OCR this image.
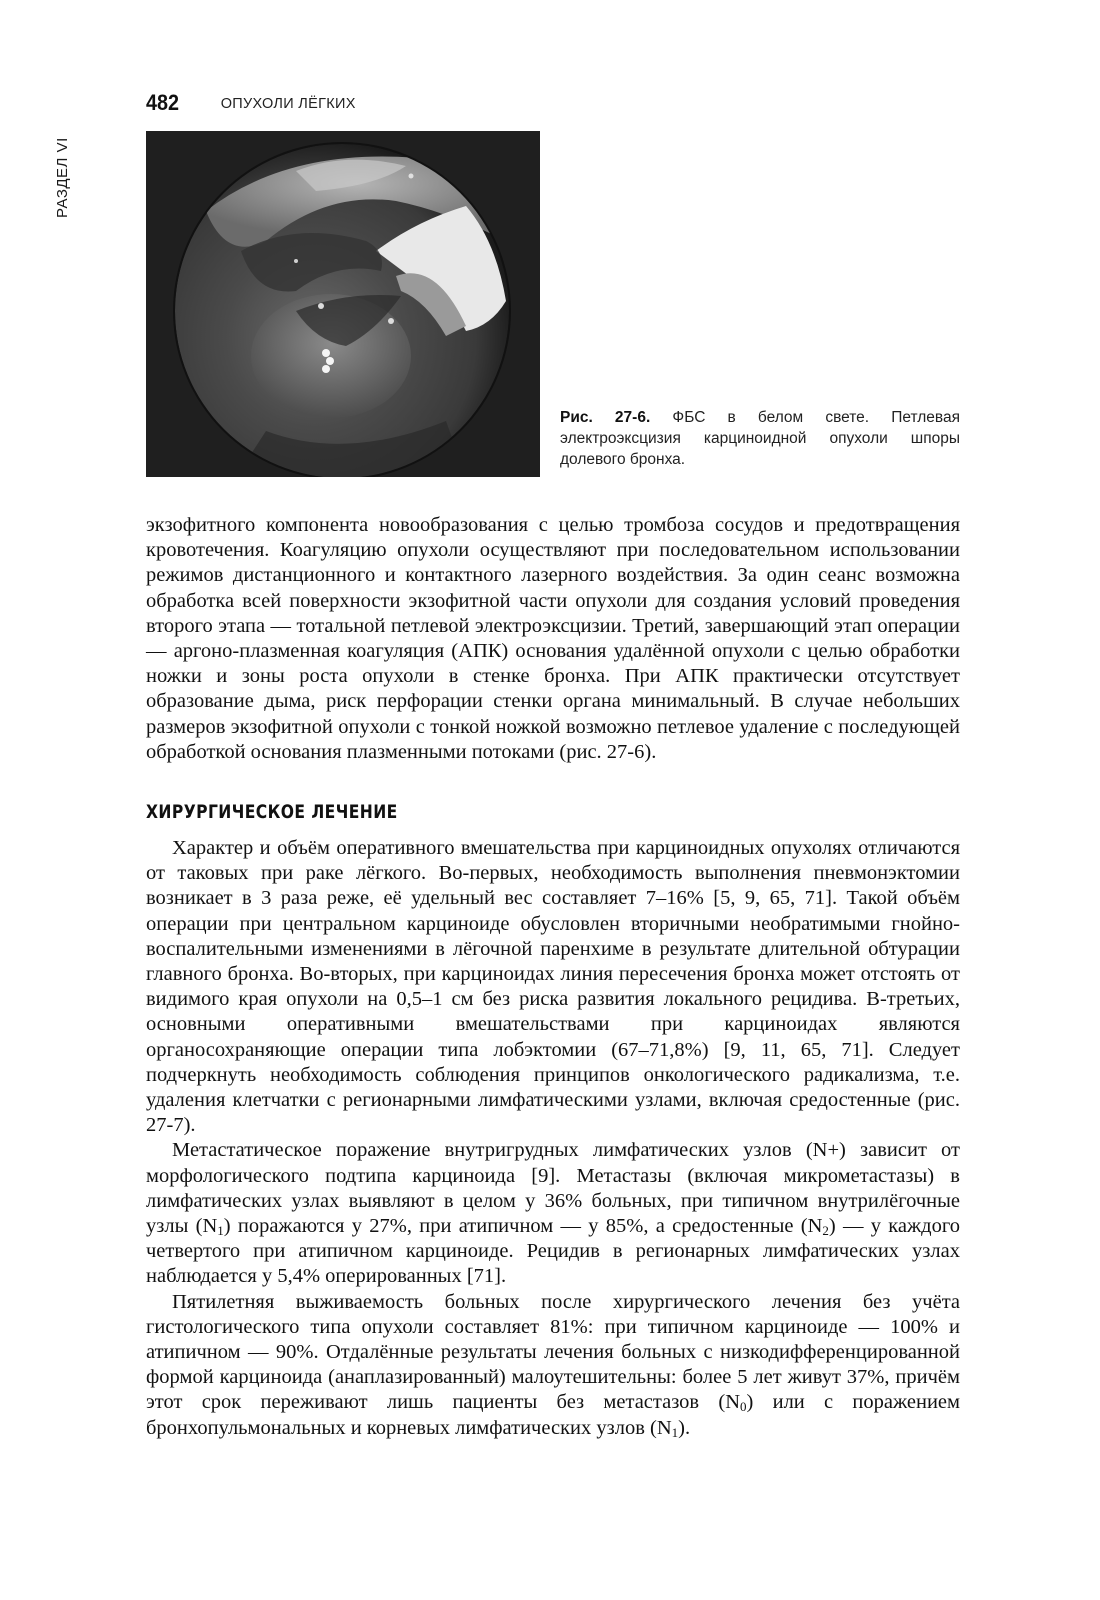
РАЗДЕЛ VI
482	ОПУХОЛИ ЛЁГКИХ
Рис. 27-6. ФБС в белом свете. Петлевая электроэксцизия карциноидной опухоли шпоры долевого бронха.

экзофитного компонента новообразования с целью тромбоза сосудов и предотвращения кровотечения. Коагуляцию опухоли осуществляют при последовательном использовании режимов дистанционного и контактного лазерного воздействия. За один сеанс возможна обработка всей поверхности экзофитной части опухоли для создания условий проведения второго этапа — тотальной петлевой электроэксцизии. Третий, завершающий этап операции — аргоно-плазменная коагуляция (АПК) основания удалённой опухоли с целью обработки ножки и зоны роста опухоли в стенке бронха. При АПК практически отсутствует образование дыма, риск перфорации стенки органа минимальный. В случае небольших размеров экзофитной опухоли с тонкой ножкой возможно петлевое удаление с последующей обработкой основания плазменными потоками (рис. 27-6).

ХИРУРГИЧЕСКОЕ ЛЕЧЕНИЕ

Характер и объём оперативного вмешательства при карциноидных опухолях отличаются от таковых при раке лёгкого. Во-первых, необходимость выполнения пневмонэктомии возникает в 3 раза реже, её удельный вес составляет 7–16% [5, 9, 65, 71]. Такой объём операции при центральном карциноиде обусловлен вторичными необратимыми гнойно-воспалительными изменениями в лёгочной паренхиме в результате длительной обтурации главного бронха. Во-вторых, при карциноидах линия пересечения бронха может отстоять от видимого края опухоли на 0,5–1 см без риска развития локального рецидива. В-третьих, основными оперативными вмешательствами при карциноидах являются органосохраняющие операции типа лобэктомии (67–71,8%) [9, 11, 65, 71]. Следует подчеркнуть необходимость соблюдения принципов онкологического радикализма, т.е. удаления клетчатки с регионарными лимфатическими узлами, включая средостенные (рис. 27-7).

Метастатическое поражение внутригрудных лимфатических узлов (N+) зависит от морфологического подтипа карциноида [9]. Метастазы (включая микрометастазы) в лимфатических узлах выявляют в целом у 36% больных, при типичном внутрилёгочные узлы $(N_1)$ поражаются у 27%, при атипичном — у 85%, а средостенные $(N_2)$ — у каждого четвертого при атипичном карциноиде. Рецидив в регионарных лимфатических узлах наблюдается у 5,4% оперированных [71].

Пятилетняя выживаемость больных после хирургического лечения без учёта гистологического типа опухоли составляет 81%: при типичном карциноиде — 100% и атипичном — 90%. Отдалённые результаты лечения больных с низкодифференцированной формой карциноида (анаплазированный) малоутешительны: более 5 лет живут 37%, причём этот срок переживают лишь пациенты без метастазов $(N_0)$ или с поражением бронхопульмональных и корневых лимфатических узлов $(N_1)$.
